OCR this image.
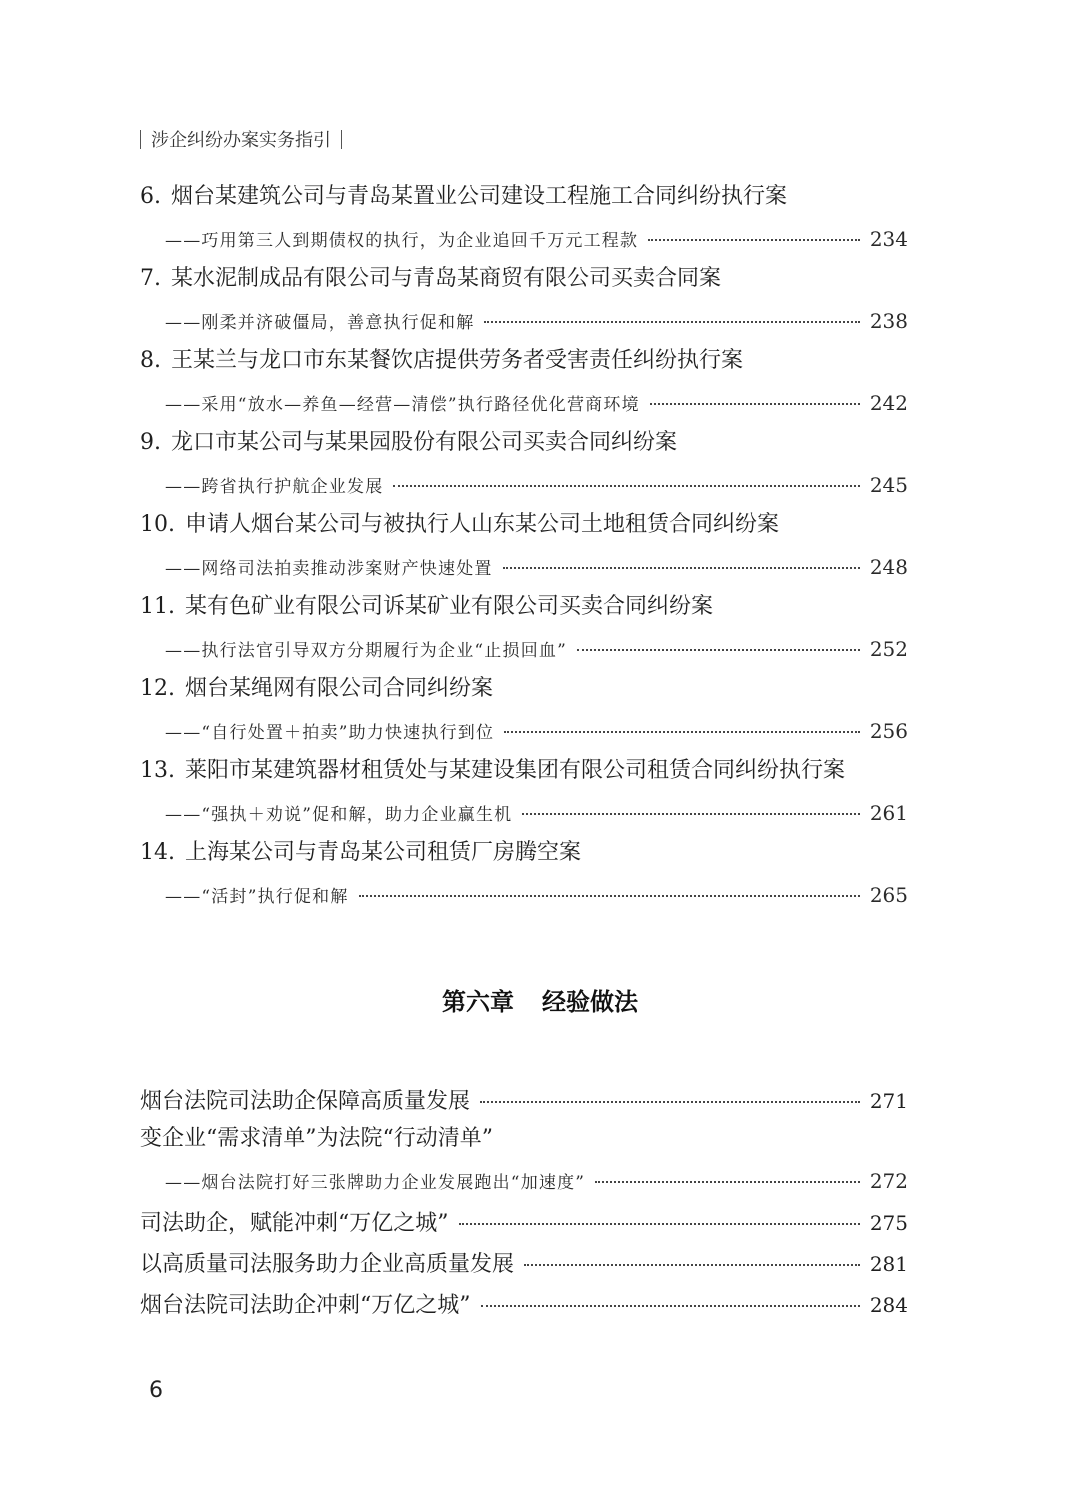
涉企纠纷办案实务指引
6. 烟台某建筑公司与青岛某置业公司建设工程施工合同纠纷执行案
——巧用第三人到期债权的执行，为企业追回千万元工程款	234
7. 某水泥制成品有限公司与青岛某商贸有限公司买卖合同案
——刚柔并济破僵局，善意执行促和解	238
8. 王某兰与龙口市东某餐饮店提供劳务者受害责任纠纷执行案
——采用“放水—养鱼—经营—清偿”执行路径优化营商环境	242
9. 龙口市某公司与某果园股份有限公司买卖合同纠纷案
——跨省执行护航企业发展	245
10. 申请人烟台某公司与被执行人山东某公司土地租赁合同纠纷案
——网络司法拍卖推动涉案财产快速处置	248
11. 某有色矿业有限公司诉某矿业有限公司买卖合同纠纷案
——执行法官引导双方分期履行为企业“止损回血”	252
12. 烟台某绳网有限公司合同纠纷案
——“自行处置＋拍卖”助力快速执行到位	256
13. 莱阳市某建筑器材租赁处与某建设集团有限公司租赁合同纠纷执行案
——“强执＋劝说”促和解，助力企业赢生机	261
14. 上海某公司与青岛某公司租赁厂房腾空案
——“活封”执行促和解	265
第六章 经验做法
烟台法院司法助企保障高质量发展	271
变企业“需求清单”为法院“行动清单”
——烟台法院打好三张牌助力企业发展跑出“加速度”	272
司法助企，赋能冲刺“万亿之城”	275
以高质量司法服务助力企业高质量发展	281
烟台法院司法助企冲刺“万亿之城”	284
6
